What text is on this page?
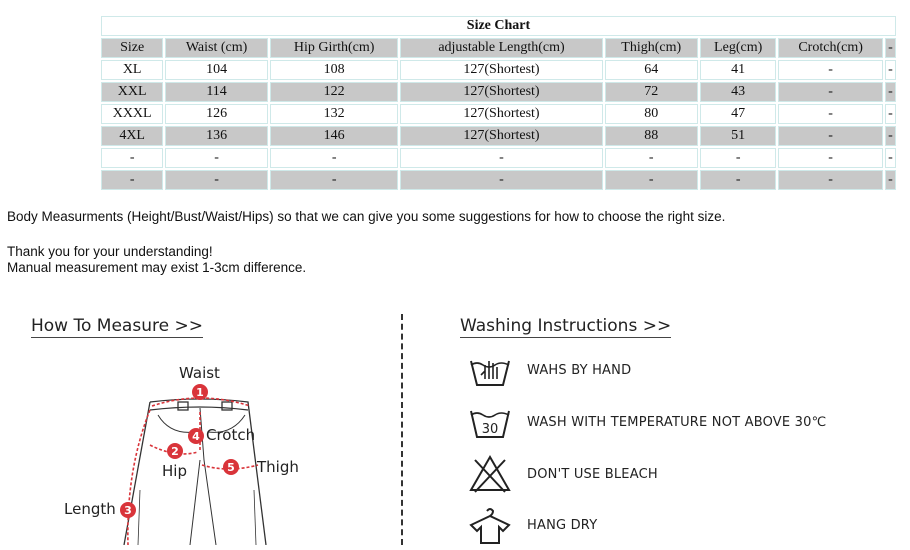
Size Chart							
Size	Waist (cm)	Hip Girth(cm)	adjustable Length(cm)	Thigh(cm)	Leg(cm)	Crotch(cm)	-
XL	104	108	127(Shortest)	64	41	-	-
XXL	114	122	127(Shortest)	72	43	-	-
XXXL	126	132	127(Shortest)	80	47	-	-
4XL	136	146	127(Shortest)	88	51	-	-
-	-	-	-	-	-	-	-
-	-	-	-	-	-	-	-

Body Measurments (Height/Bust/Waist/Hips) so that we can give you some suggestions for how to choose the right size.

Thank you for your understanding!

Manual measurement may exist 1-3cm difference.

How To Measure >>
1
2
3
4
5
Waist
Crotch
Hip	Thigh
Length
Washing Instructions >>
WAHS BY HAND
30 WASH WITH TEMPERATURE NOT ABOVE 30℃
DON'T USE BLEACH
HANG DRY
